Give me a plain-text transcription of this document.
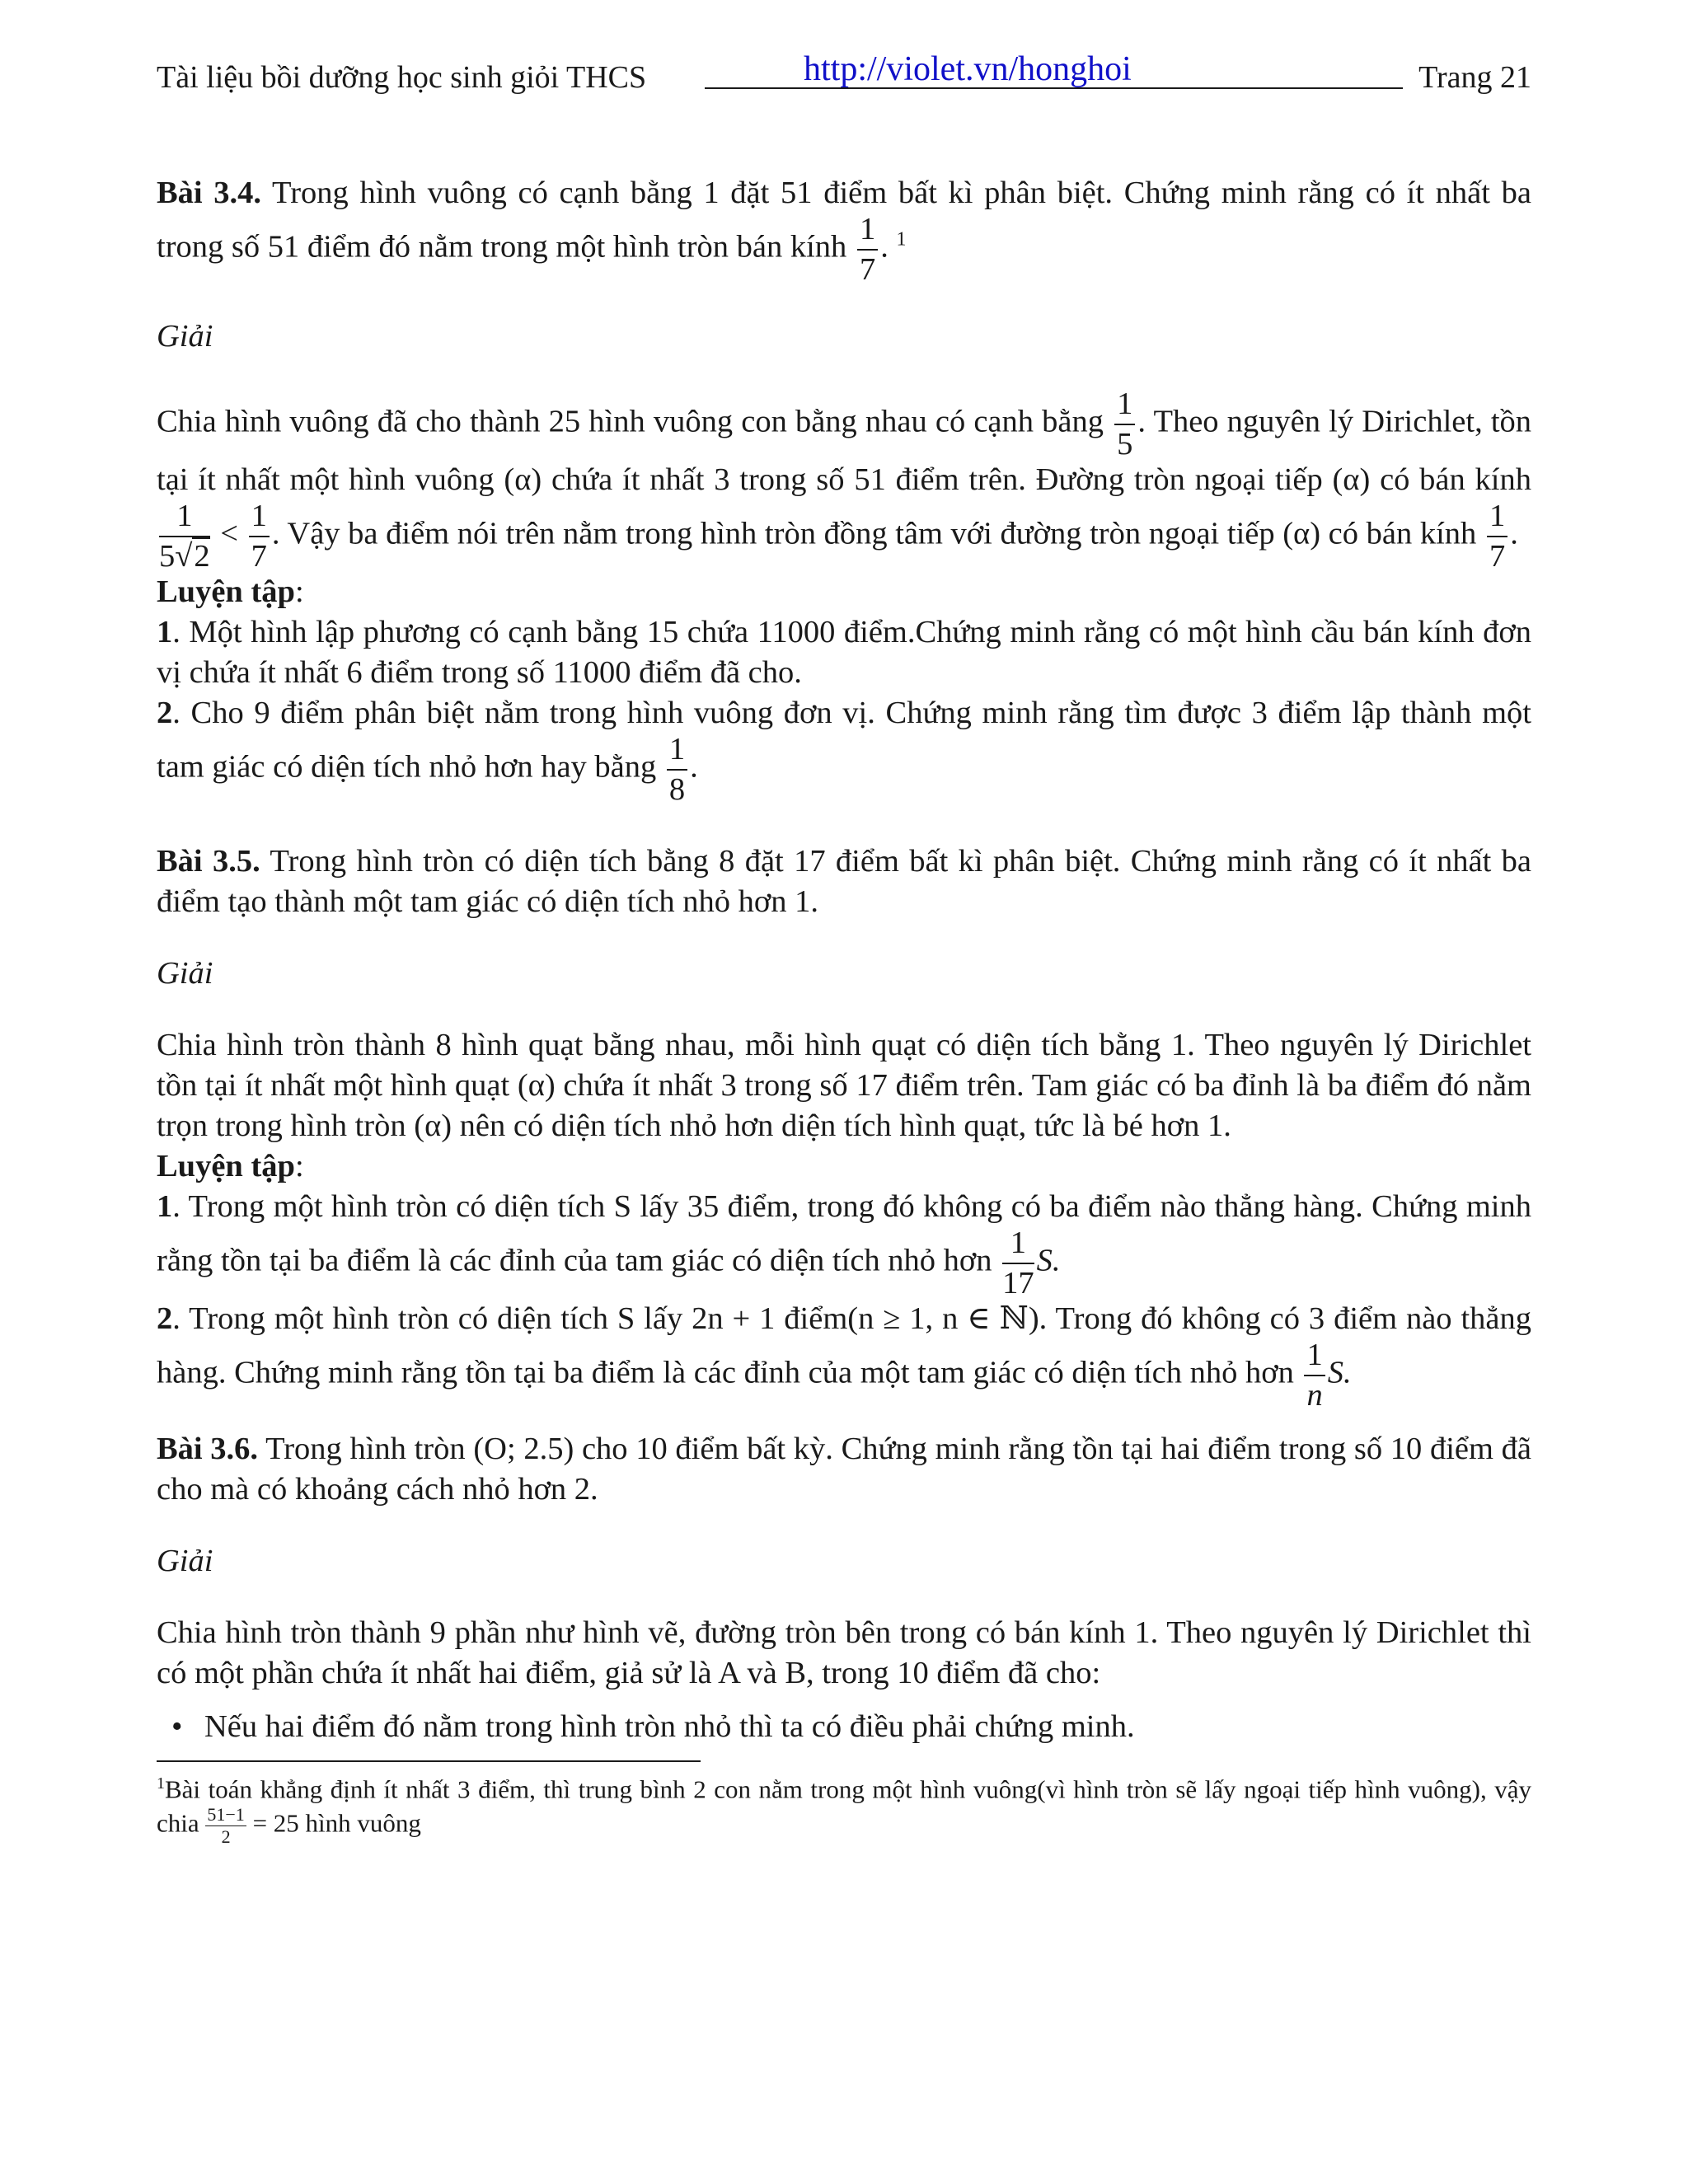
Tài liệu bồi dưỡng học sinh giỏi THCS	http://violet.vn/honghoi	Trang 21

Bài 3.4. Trong hình vuông có cạnh bằng 1 đặt 51 điểm bất kì phân biệt. Chứng minh rằng có ít nhất ba trong số 51 điểm đó nằm trong một hình tròn bán kính $\frac{1}{7}$ . $^1$

Giải

Chia hình vuông đã cho thành 25 hình vuông con bằng nhau có cạnh bằng $\frac{1}{5}$ . Theo nguyên lý Dirichlet, tồn tại ít nhất một hình vuông (α) chứa ít nhất 3 trong số 51 điểm trên. Đường tròn ngoại tiếp (α) có bán kính
$\frac{1}{5√2} < \frac{1}{7}$ . Vậy ba điểm nói trên nằm trong hình tròn đồng tâm với đường tròn ngoại tiếp (α) có bán kính $\frac{1}{7}$ .

Luyện tập:

1. Một hình lập phương có cạnh bằng 15 chứa 11000 điểm.Chứng minh rằng có một hình cầu bán kính đơn vị chứa ít nhất 6 điểm trong số 11000 điểm đã cho.

2. Cho 9 điểm phân biệt nằm trong hình vuông đơn vị. Chứng minh rằng tìm được 3 điểm lập thành một tam giác có diện tích nhỏ hơn hay bằng $\frac{1}{8}$ .

Bài 3.5. Trong hình tròn có diện tích bằng 8 đặt 17 điểm bất kì phân biệt. Chứng minh rằng có ít nhất ba điểm tạo thành một tam giác có diện tích nhỏ hơn 1.

Giải

Chia hình tròn thành 8 hình quạt bằng nhau, mỗi hình quạt có diện tích bằng 1. Theo nguyên lý Dirichlet tồn tại ít nhất một hình quạt (α) chứa ít nhất 3 trong số 17 điểm trên. Tam giác có ba đỉnh là ba điểm đó nằm trọn trong hình tròn (α) nên có diện tích nhỏ hơn diện tích hình quạt, tức là bé hơn 1.

Luyện tập:

1. Trong một hình tròn có diện tích S lấy 35 điểm, trong đó không có ba điểm nào thẳng hàng. Chứng minh rằng tồn tại ba điểm là các đỉnh của tam giác có diện tích nhỏ hơn $\frac{1}{17} S$.

2. Trong một hình tròn có diện tích S lấy 2n + 1 điểm(n ≥ 1, n ∈ ℕ). Trong đó không có 3 điểm nào thẳng hàng. Chứng minh rằng tồn tại ba điểm là các đỉnh của một tam giác có diện tích nhỏ hơn $\frac{1}{n} S$.

Bài 3.6. Trong hình tròn (O; 2.5) cho 10 điểm bất kỳ. Chứng minh rằng tồn tại hai điểm trong số 10 điểm đã cho mà có khoảng cách nhỏ hơn 2.

Giải

Chia hình tròn thành 9 phần như hình vẽ, đường tròn bên trong có bán kính 1. Theo nguyên lý Dirichlet thì có một phần chứa ít nhất hai điểm, giả sử là A và B, trong 10 điểm đã cho:

• Nếu hai điểm đó nằm trong hình tròn nhỏ thì ta có điều phải chứng minh.

$^1$Bài toán khẳng định ít nhất 3 điểm, thì trung bình 2 con nằm trong một hình vuông(vì hình tròn sẽ lấy ngoại tiếp hình vuông), vậy chia $\frac{51-1}{2} = 25$ hình vuông
